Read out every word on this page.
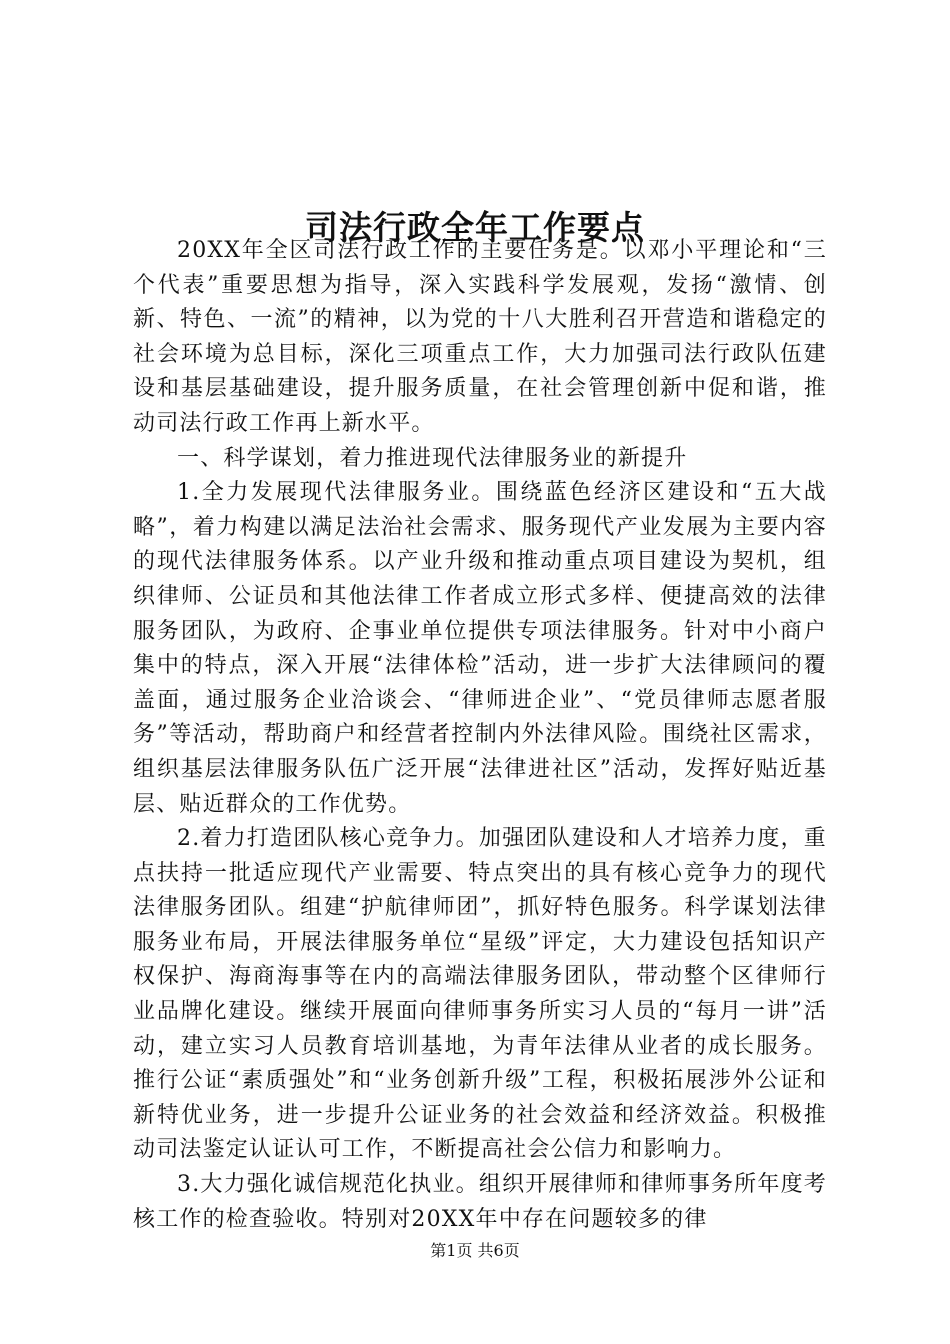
司法行政全年工作要点

20XX年全区司法行政工作的主要任务是。以邓小平理论和“三个代表”重要思想为指导，深入实践科学发展观，发扬“激情、创新、特色、一流”的精神，以为党的十八大胜利召开营造和谐稳定的社会环境为总目标，深化三项重点工作，大力加强司法行政队伍建设和基层基础建设，提升服务质量，在社会管理创新中促和谐，推动司法行政工作再上新水平。

一、科学谋划，着力推进现代法律服务业的新提升

1.全力发展现代法律服务业。围绕蓝色经济区建设和“五大战略”，着力构建以满足法治社会需求、服务现代产业发展为主要内容的现代法律服务体系。以产业升级和推动重点项目建设为契机，组织律师、公证员和其他法律工作者成立形式多样、便捷高效的法律服务团队，为政府、企事业单位提供专项法律服务。针对中小商户集中的特点，深入开展“法律体检”活动，进一步扩大法律顾问的覆盖面，通过服务企业洽谈会、“律师进企业”、“党员律师志愿者服务”等活动，帮助商户和经营者控制内外法律风险。围绕社区需求，组织基层法律服务队伍广泛开展“法律进社区”活动，发挥好贴近基层、贴近群众的工作优势。

2.着力打造团队核心竞争力。加强团队建设和人才培养力度，重点扶持一批适应现代产业需要、特点突出的具有核心竞争力的现代法律服务团队。组建“护航律师团”，抓好特色服务。科学谋划法律服务业布局，开展法律服务单位“星级”评定，大力建设包括知识产权保护、海商海事等在内的高端法律服务团队，带动整个区律师行业品牌化建设。继续开展面向律师事务所实习人员的“每月一讲”活动，建立实习人员教育培训基地，为青年法律从业者的成长服务。推行公证“素质强处”和“业务创新升级”工程，积极拓展涉外公证和新特优业务，进一步提升公证业务的社会效益和经济效益。积极推动司法鉴定认证认可工作，不断提高社会公信力和影响力。

3.大力强化诚信规范化执业。组织开展律师和律师事务所年度考核工作的检查验收。特别对20XX年中存在问题较多的律

第1页 共6页
